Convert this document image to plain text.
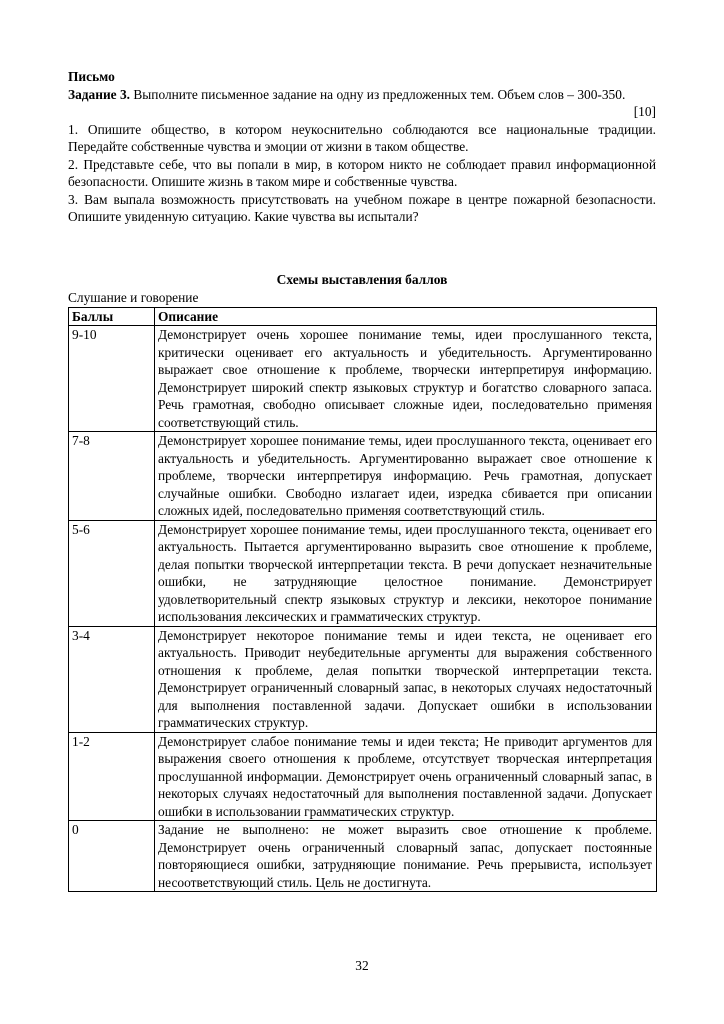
Письмо
Задание 3. Выполните письменное задание на одну из предложенных тем. Объем слов – 300-350.
[10]
1. Опишите общество, в котором неукоснительно соблюдаются все национальные традиции. Передайте собственные чувства и эмоции от жизни в таком обществе.
2. Представьте себе, что вы попали в мир, в котором никто не соблюдает правил информационной безопасности. Опишите жизнь в таком мире и собственные чувства.
3. Вам выпала возможность присутствовать на учебном пожаре в центре пожарной безопасности. Опишите увиденную ситуацию. Какие чувства вы испытали?
Схемы выставления баллов
Слушание и говорение
Баллы	Описание
9-10	Демонстрирует очень хорошее понимание темы, идеи прослушанного текста, критически оценивает его актуальность и убедительность. Аргументированно выражает свое отношение к проблеме, творчески интерпретируя информацию. Демонстрирует широкий спектр языковых структур и богатство словарного запаса. Речь грамотная, свободно описывает сложные идеи, последовательно применяя соответствующий стиль.
7-8	Демонстрирует хорошее понимание темы, идеи прослушанного текста, оценивает его актуальность и убедительность. Аргументированно выражает свое отношение к проблеме, творчески интерпретируя информацию. Речь грамотная, допускает случайные ошибки. Свободно излагает идеи, изредка сбивается при описании сложных идей, последовательно применяя соответствующий стиль.
5-6	Демонстрирует хорошее понимание темы, идеи прослушанного текста, оценивает его актуальность. Пытается аргументированно выразить свое отношение к проблеме, делая попытки творческой интерпретации текста. В речи допускает незначительные ошибки, не затрудняющие целостное понимание. Демонстрирует удовлетворительный спектр языковых структур и лексики, некоторое понимание использования лексических и грамматических структур.
3-4	Демонстрирует некоторое понимание темы и идеи текста, не оценивает его актуальность. Приводит неубедительные аргументы для выражения собственного отношения к проблеме, делая попытки творческой интерпретации текста. Демонстрирует ограниченный словарный запас, в некоторых случаях недостаточный для выполнения поставленной задачи. Допускает ошибки в использовании грамматических структур.
1-2	Демонстрирует слабое понимание темы и идеи текста; Не приводит аргументов для выражения своего отношения к проблеме, отсутствует творческая интерпретация прослушанной информации. Демонстрирует очень ограниченный словарный запас, в некоторых случаях недостаточный для выполнения поставленной задачи. Допускает ошибки в использовании грамматических структур.
0	Задание не выполнено: не может выразить свое отношение к проблеме. Демонстрирует очень ограниченный словарный запас, допускает постоянные повторяющиеся ошибки, затрудняющие понимание. Речь прерывиста, использует несоответствующий стиль. Цель не достигнута.
32
